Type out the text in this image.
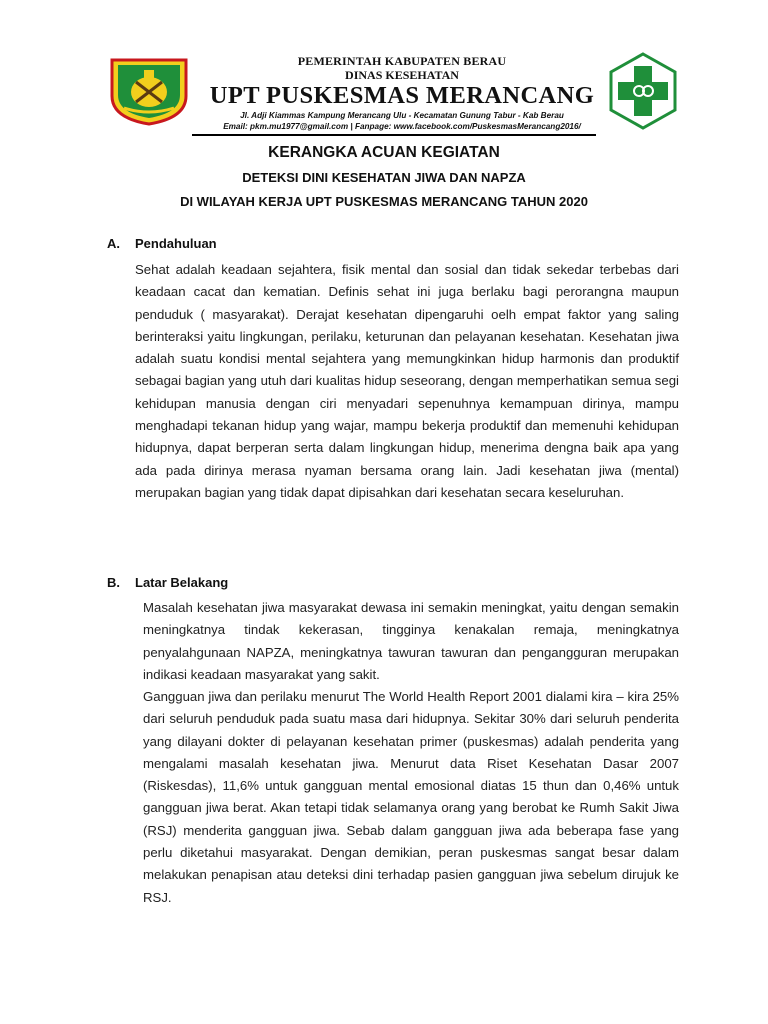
PEMERINTAH KABUPATEN BERAU
DINAS KESEHATAN
UPT PUSKESMAS MERANCANG
Jl. Adji Kiammas Kampung Merancang Ulu - Kecamatan Gunung Tabur - Kab Berau
Email: pkm.mu1977@gmail.com | Fanpage: www.facebook.com/PuskesmasMerancang2016/
KERANGKA ACUAN KEGIATAN
DETEKSI DINI KESEHATAN JIWA DAN NAPZA
DI WILAYAH KERJA UPT PUSKESMAS MERANCANG TAHUN 2020
A. Pendahuluan
Sehat adalah keadaan sejahtera, fisik mental dan sosial dan tidak sekedar terbebas dari keadaan cacat dan kematian. Definis sehat ini juga berlaku bagi perorangna maupun penduduk ( masyarakat). Derajat kesehatan dipengaruhi oelh empat faktor yang saling berinteraksi yaitu lingkungan, perilaku, keturunan dan pelayanan kesehatan. Kesehatan jiwa adalah suatu kondisi mental sejahtera yang memungkinkan hidup harmonis dan produktif sebagai bagian yang utuh dari kualitas hidup seseorang, dengan memperhatikan semua segi kehidupan manusia dengan ciri menyadari sepenuhnya kemampuan dirinya, mampu menghadapi tekanan hidup yang wajar, mampu bekerja produktif dan memenuhi kehidupan hidupnya, dapat berperan serta dalam lingkungan hidup, menerima dengna baik apa yang ada pada dirinya merasa nyaman bersama orang lain. Jadi kesehatan jiwa (mental) merupakan bagian yang tidak dapat dipisahkan dari kesehatan secara keseluruhan.
B. Latar Belakang
Masalah kesehatan jiwa masyarakat dewasa ini semakin meningkat, yaitu dengan semakin meningkatnya tindak kekerasan, tingginya kenakalan remaja, meningkatnya penyalahgunaan NAPZA, meningkatnya tawuran tawuran dan pengangguran merupakan indikasi keadaan masyarakat yang sakit.
Gangguan jiwa dan perilaku menurut The World Health Report 2001 dialami kira – kira 25% dari seluruh penduduk pada suatu masa dari hidupnya. Sekitar 30% dari seluruh penderita yang dilayani dokter di pelayanan kesehatan primer (puskesmas) adalah penderita yang mengalami masalah kesehatan jiwa. Menurut data Riset Kesehatan Dasar 2007 (Riskesdas), 11,6% untuk gangguan mental emosional diatas 15 thun dan 0,46% untuk gangguan jiwa berat. Akan tetapi tidak selamanya orang yang berobat ke Rumh Sakit Jiwa (RSJ) menderita gangguan jiwa. Sebab dalam gangguan jiwa ada beberapa fase yang perlu diketahui masyarakat. Dengan demikian, peran puskesmas sangat besar dalam melakukan penapisan atau deteksi dini terhadap pasien gangguan jiwa sebelum dirujuk ke RSJ.
